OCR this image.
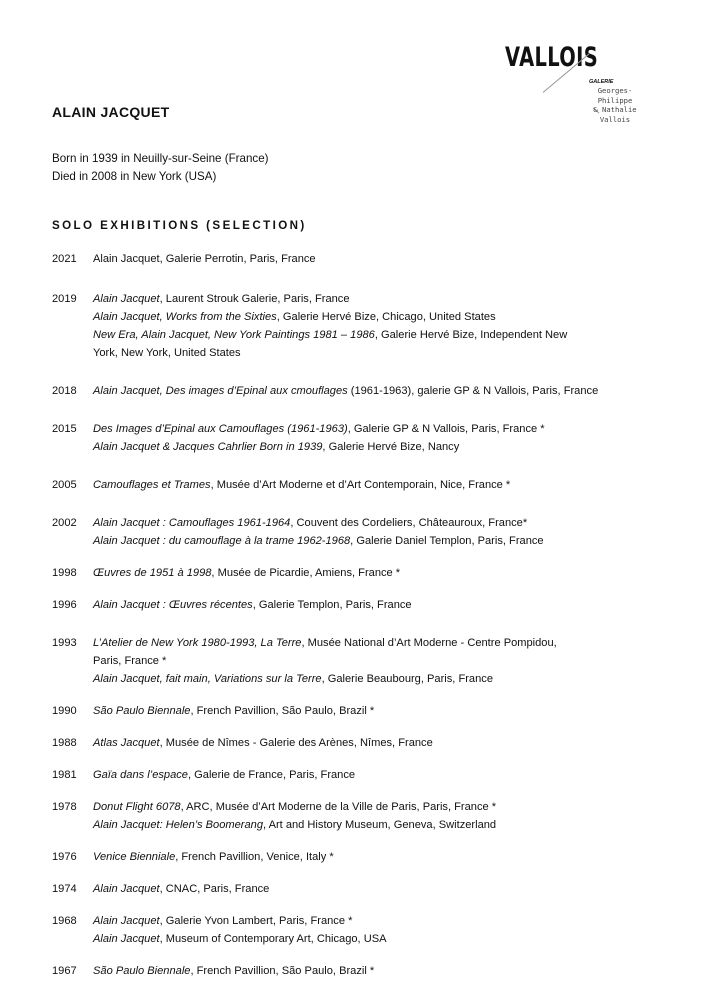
VALLOIS
GALERIE
Georges-Philippe
& Nathalie
Vallois
ALAIN JACQUET
Born in 1939 in Neuilly-sur-Seine (France)
Died in 2008 in New York (USA)
SOLO EXHIBITIONS (SELECTION)
2021	Alain Jacquet, Galerie Perrotin, Paris, France
2019	Alain Jacquet, Laurent Strouk Galerie, Paris, France
Alain Jacquet, Works from the Sixties, Galerie Hervé Bize, Chicago, United States
New Era, Alain Jacquet, New York Paintings 1981 – 1986, Galerie Hervé Bize, Independent New
York, New York, United States
2018	Alain Jacquet, Des images d’Epinal aux cmouflages (1961-1963), galerie GP & N Vallois, Paris, France
2015	Des Images d’Epinal aux Camouflages (1961-1963), Galerie GP & N Vallois, Paris, France *
Alain Jacquet & Jacques Cahrlier Born in 1939, Galerie Hervé Bize, Nancy
2005	Camouflages et Trames, Musée d’Art Moderne et d’Art Contemporain, Nice, France *
2002	Alain Jacquet : Camouflages 1961-1964, Couvent des Cordeliers, Châteauroux, France*
Alain Jacquet : du camouflage à la trame 1962-1968, Galerie Daniel Templon, Paris, France
1998	Œuvres de 1951 à 1998, Musée de Picardie, Amiens, France *
1996	Alain Jacquet : Œuvres récentes, Galerie Templon, Paris, France
1993	L’Atelier de New York 1980-1993, La Terre, Musée National d’Art Moderne - Centre Pompidou,
Paris, France *
Alain Jacquet, fait main, Variations sur la Terre, Galerie Beaubourg, Paris, France
1990	São Paulo Biennale, French Pavillion, São Paulo, Brazil *
1988	Atlas Jacquet, Musée de Nîmes - Galerie des Arènes, Nîmes, France
1981	Gaïa dans l’espace, Galerie de France, Paris, France
1978	Donut Flight 6078, ARC, Musée d’Art Moderne de la Ville de Paris, Paris, France *
Alain Jacquet: Helen’s Boomerang, Art and History Museum, Geneva, Switzerland
1976	Venice Bienniale, French Pavillion, Venice, Italy *
1974	Alain Jacquet, CNAC, Paris, France
1968	Alain Jacquet, Galerie Yvon Lambert, Paris, France *
Alain Jacquet, Museum of Contemporary Art, Chicago, USA
1967	São Paulo Biennale, French Pavillion, São Paulo, Brazil *
